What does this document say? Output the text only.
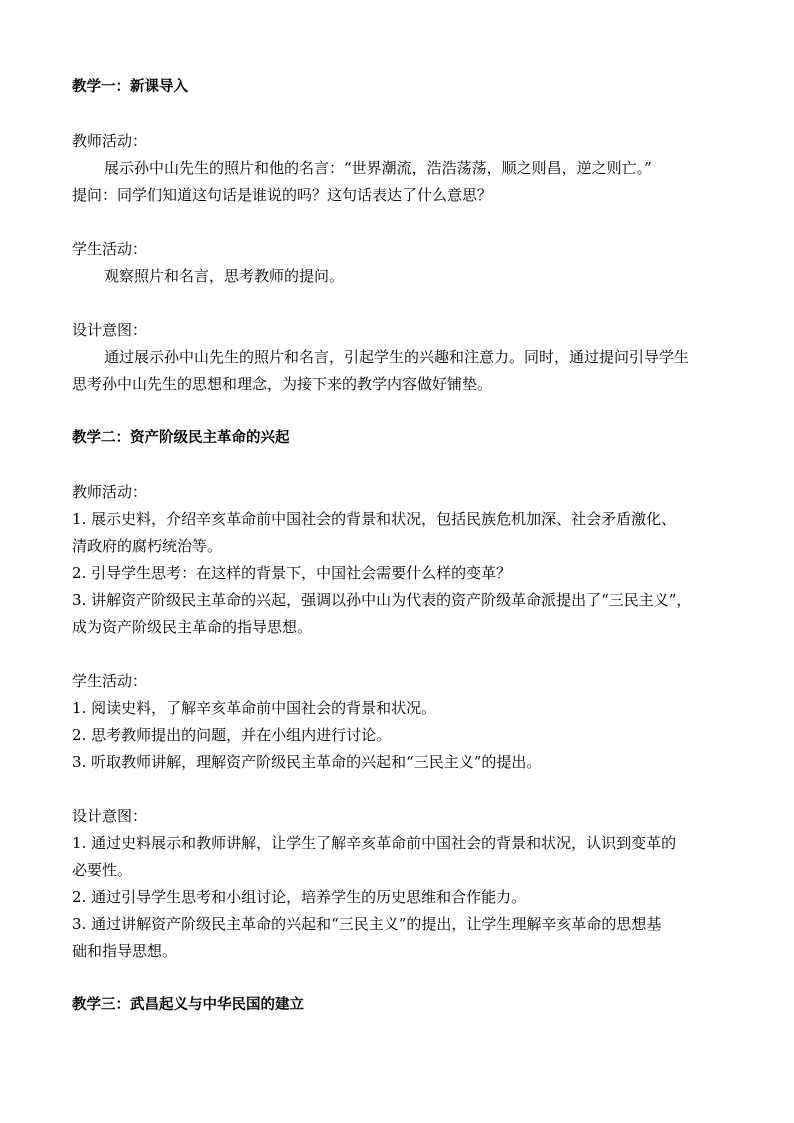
教学一：新课导入
教师活动：
展示孙中山先生的照片和他的名言：“世界潮流，浩浩荡荡，顺之则昌，逆之则亡。”
提问：同学们知道这句话是谁说的吗？这句话表达了什么意思？
学生活动：
观察照片和名言，思考教师的提问。
设计意图：
通过展示孙中山先生的照片和名言，引起学生的兴趣和注意力。同时，通过提问引导学生
思考孙中山先生的思想和理念，为接下来的教学内容做好铺垫。
教学二：资产阶级民主革命的兴起
教师活动：
1. 展示史料，介绍辛亥革命前中国社会的背景和状况，包括民族危机加深、社会矛盾激化、
清政府的腐朽统治等。
2. 引导学生思考：在这样的背景下，中国社会需要什么样的变革？
3. 讲解资产阶级民主革命的兴起，强调以孙中山为代表的资产阶级革命派提出了“三民主义”，
成为资产阶级民主革命的指导思想。
学生活动：
1. 阅读史料，了解辛亥革命前中国社会的背景和状况。
2. 思考教师提出的问题，并在小组内进行讨论。
3. 听取教师讲解，理解资产阶级民主革命的兴起和“三民主义”的提出。
设计意图：
1. 通过史料展示和教师讲解，让学生了解辛亥革命前中国社会的背景和状况，认识到变革的
必要性。
2. 通过引导学生思考和小组讨论，培养学生的历史思维和合作能力。
3. 通过讲解资产阶级民主革命的兴起和“三民主义”的提出，让学生理解辛亥革命的思想基
础和指导思想。
教学三：武昌起义与中华民国的建立
